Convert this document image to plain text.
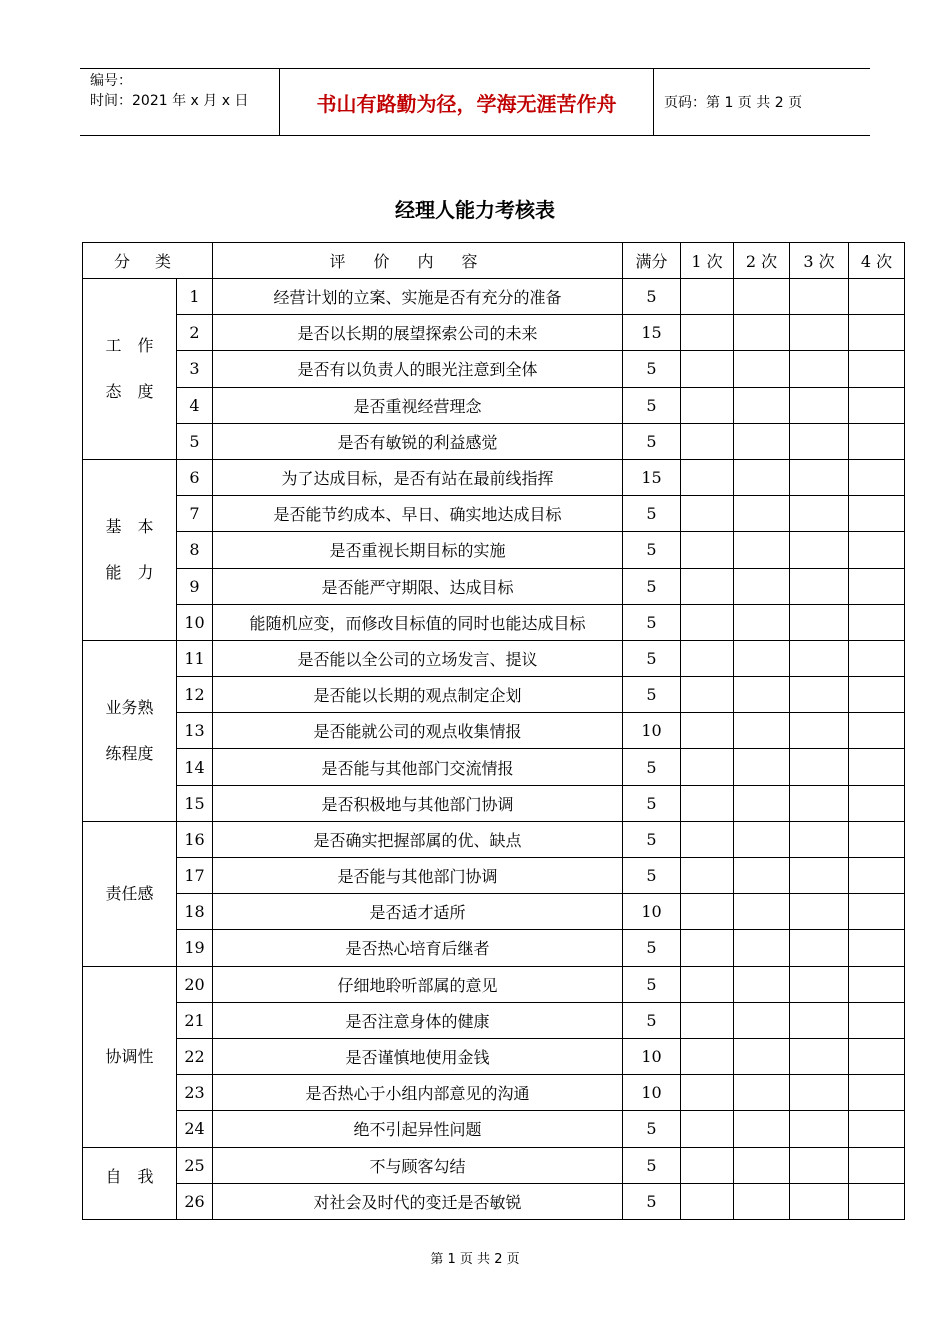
编号：
时间：2021 年 x 月 x 日	书山有路勤为径，学海无涯苦作舟	页码：第 1 页 共 2 页
经理人能力考核表
分 类		评价内容	满分	1 次	2 次	3 次	4 次

工　作
态　度	1	经营计划的立案、实施是否有充分的准备	5				
	2	是否以长期的展望探索公司的未来	15				
	3	是否有以负责人的眼光注意到全体	5				
	4	是否重视经营理念	5				
	5	是否有敏锐的利益感觉	5				

基　本
能　力	6	为了达成目标，是否有站在最前线指挥	15				
	7	是否能节约成本、早日、确实地达成目标	5				
	8	是否重视长期目标的实施	5				
	9	是否能严守期限、达成目标	5				
	10	能随机应变，而修改目标值的同时也能达成目标	5				

业务熟
练程度	11	是否能以全公司的立场发言、提议	5				
	12	是否能以长期的观点制定企划	5				
	13	是否能就公司的观点收集情报	10				
	14	是否能与其他部门交流情报	5				
	15	是否积极地与其他部门协调	5				

责任感	16	是否确实把握部属的优、缺点	5				
	17	是否能与其他部门协调	5				
	18	是否适才适所	10				
	19	是否热心培育后继者	5				

协调性	20	仔细地聆听部属的意见	5				
	21	是否注意身体的健康	5				
	22	是否谨慎地使用金钱	10				
	23	是否热心于小组内部意见的沟通	10				
	24	绝不引起异性问题	5				

自　我	25	不与顾客勾结	5				
	26	对社会及时代的变迁是否敏锐	5				
第 1 页 共 2 页
